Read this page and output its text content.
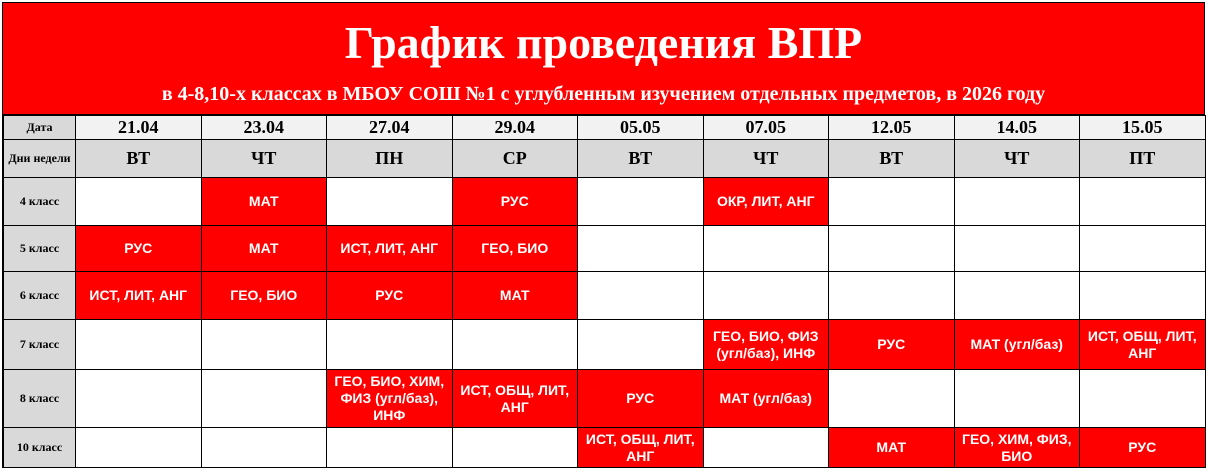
График проведения ВПР
в 4-8,10-х классах в МБОУ СОШ №1 с углубленным изучением отдельных предметов, в 2026 году
Дата	21.04	23.04	27.04	29.04	05.05	07.05	12.05	14.05	15.05
Дни недели	ВТ	ЧТ	ПН	СР	ВТ	ЧТ	ВТ	ЧТ	ПТ
4 класс		МАТ		РУС		ОКР, ЛИТ, АНГ			
5 класс	РУС	МАТ	ИСТ, ЛИТ, АНГ	ГЕО, БИО					
6 класс	ИСТ, ЛИТ, АНГ	ГЕО, БИО	РУС	МАТ					
7 класс						ГЕО, БИО, ФИЗ (угл/баз), ИНФ	РУС	МАТ (угл/баз)	ИСТ, ОБЩ, ЛИТ, АНГ
8 класс			ГЕО, БИО, ХИМ, ФИЗ (угл/баз), ИНФ	ИСТ, ОБЩ, ЛИТ, АНГ	РУС	МАТ (угл/баз)			
10 класс					ИСТ, ОБЩ, ЛИТ, АНГ		МАТ	ГЕО, ХИМ, ФИЗ, БИО	РУС
